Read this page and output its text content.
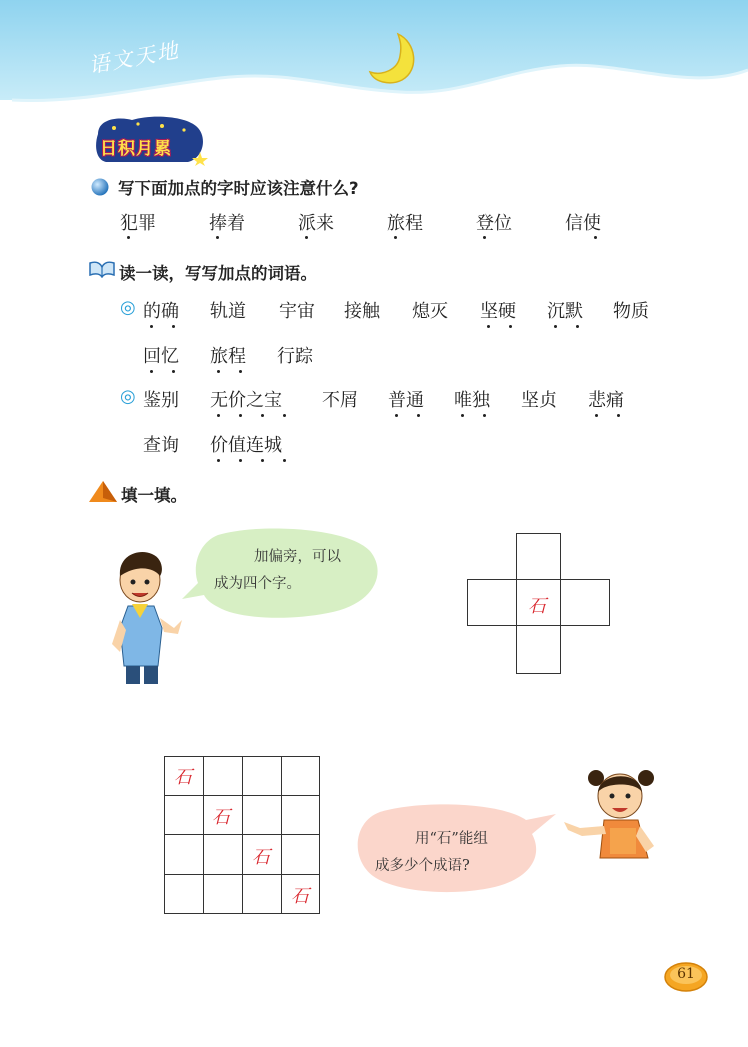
语文天地
日积月累
写下面加点的字时应该注意什么?
犯罪	捧着	派来	旅程	登位	信使
读一读，写写加点的词语。
◎ 的确 轨道 宇宙 接触 熄灭 坚硬 沉默 物质
回忆 旅程 行踪
◎ 鉴别 无价之宝 不屑 普通 唯独 坚贞 悲痛
查询 价值连城
填一填。
加偏旁，可以
成为四个字。
石
石
石
石
石
用“石”能组
成多少个成语?
61
